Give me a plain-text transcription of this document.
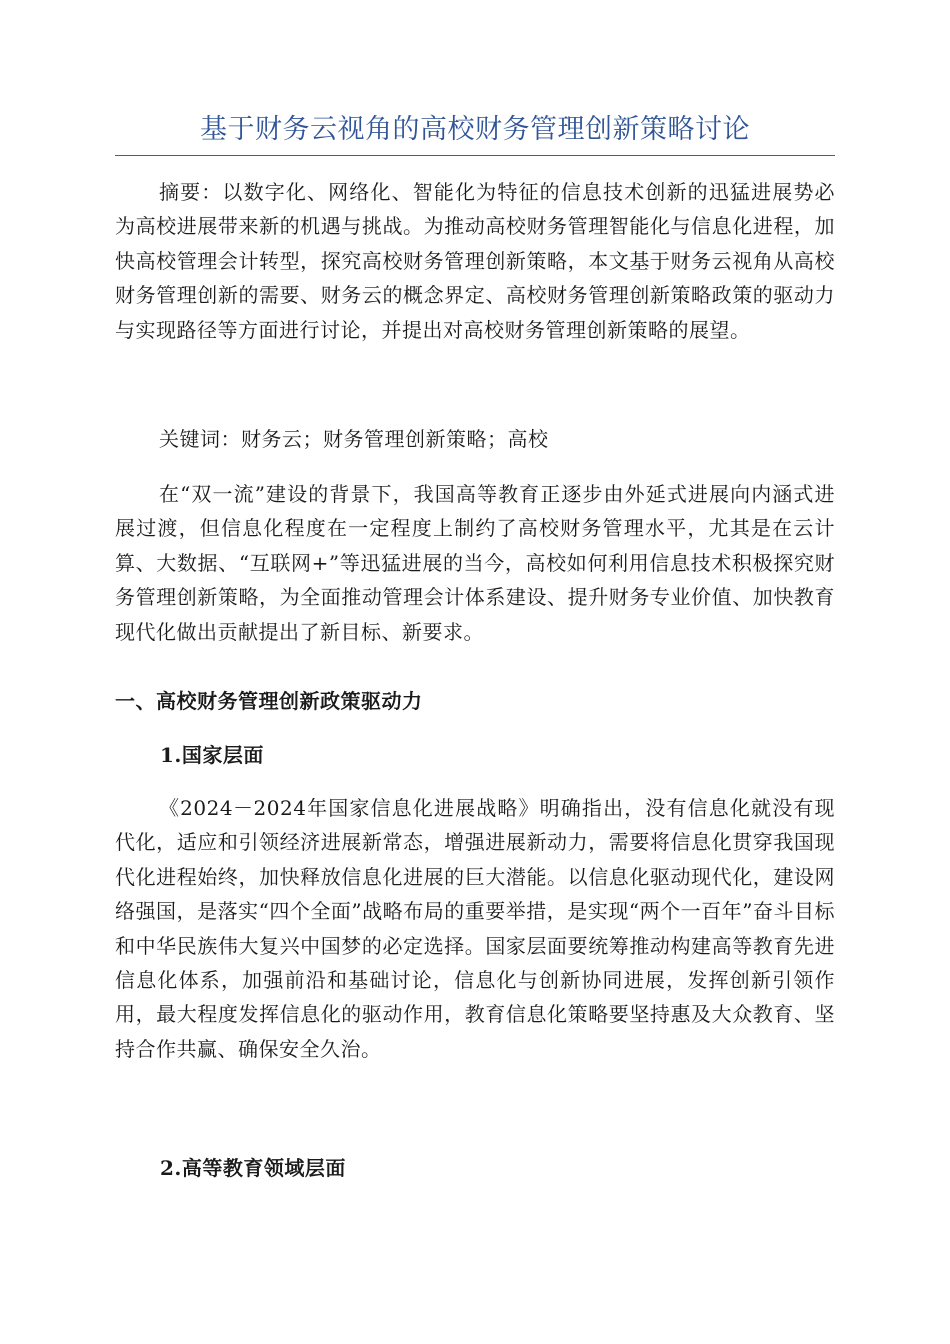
基于财务云视角的高校财务管理创新策略讨论

摘要：以数字化、网络化、智能化为特征的信息技术创新的迅猛进展势必为高校进展带来新的机遇与挑战。为推动高校财务管理智能化与信息化进程，加快高校管理会计转型，探究高校财务管理创新策略，本文基于财务云视角从高校财务管理创新的需要、财务云的概念界定、高校财务管理创新策略政策的驱动力与实现路径等方面进行讨论，并提出对高校财务管理创新策略的展望。

关键词：财务云；财务管理创新策略；高校

在“双一流”建设的背景下，我国高等教育正逐步由外延式进展向内涵式进展过渡，但信息化程度在一定程度上制约了高校财务管理水平，尤其是在云计算、大数据、“互联网+”等迅猛进展的当今，高校如何利用信息技术积极探究财务管理创新策略，为全面推动管理会计体系建设、提升财务专业价值、加快教育现代化做出贡献提出了新目标、新要求。

一、高校财务管理创新政策驱动力
1.国家层面

《2024－2024年国家信息化进展战略》明确指出，没有信息化就没有现代化，适应和引领经济进展新常态，增强进展新动力，需要将信息化贯穿我国现代化进程始终，加快释放信息化进展的巨大潜能。以信息化驱动现代化，建设网络强国，是落实“四个全面”战略布局的重要举措，是实现“两个一百年”奋斗目标和中华民族伟大复兴中国梦的必定选择。国家层面要统筹推动构建高等教育先进信息化体系，加强前沿和基础讨论，信息化与创新协同进展，发挥创新引领作用，最大程度发挥信息化的驱动作用，教育信息化策略要坚持惠及大众教育、坚持合作共赢、确保安全久治。

2.高等教育领域层面
